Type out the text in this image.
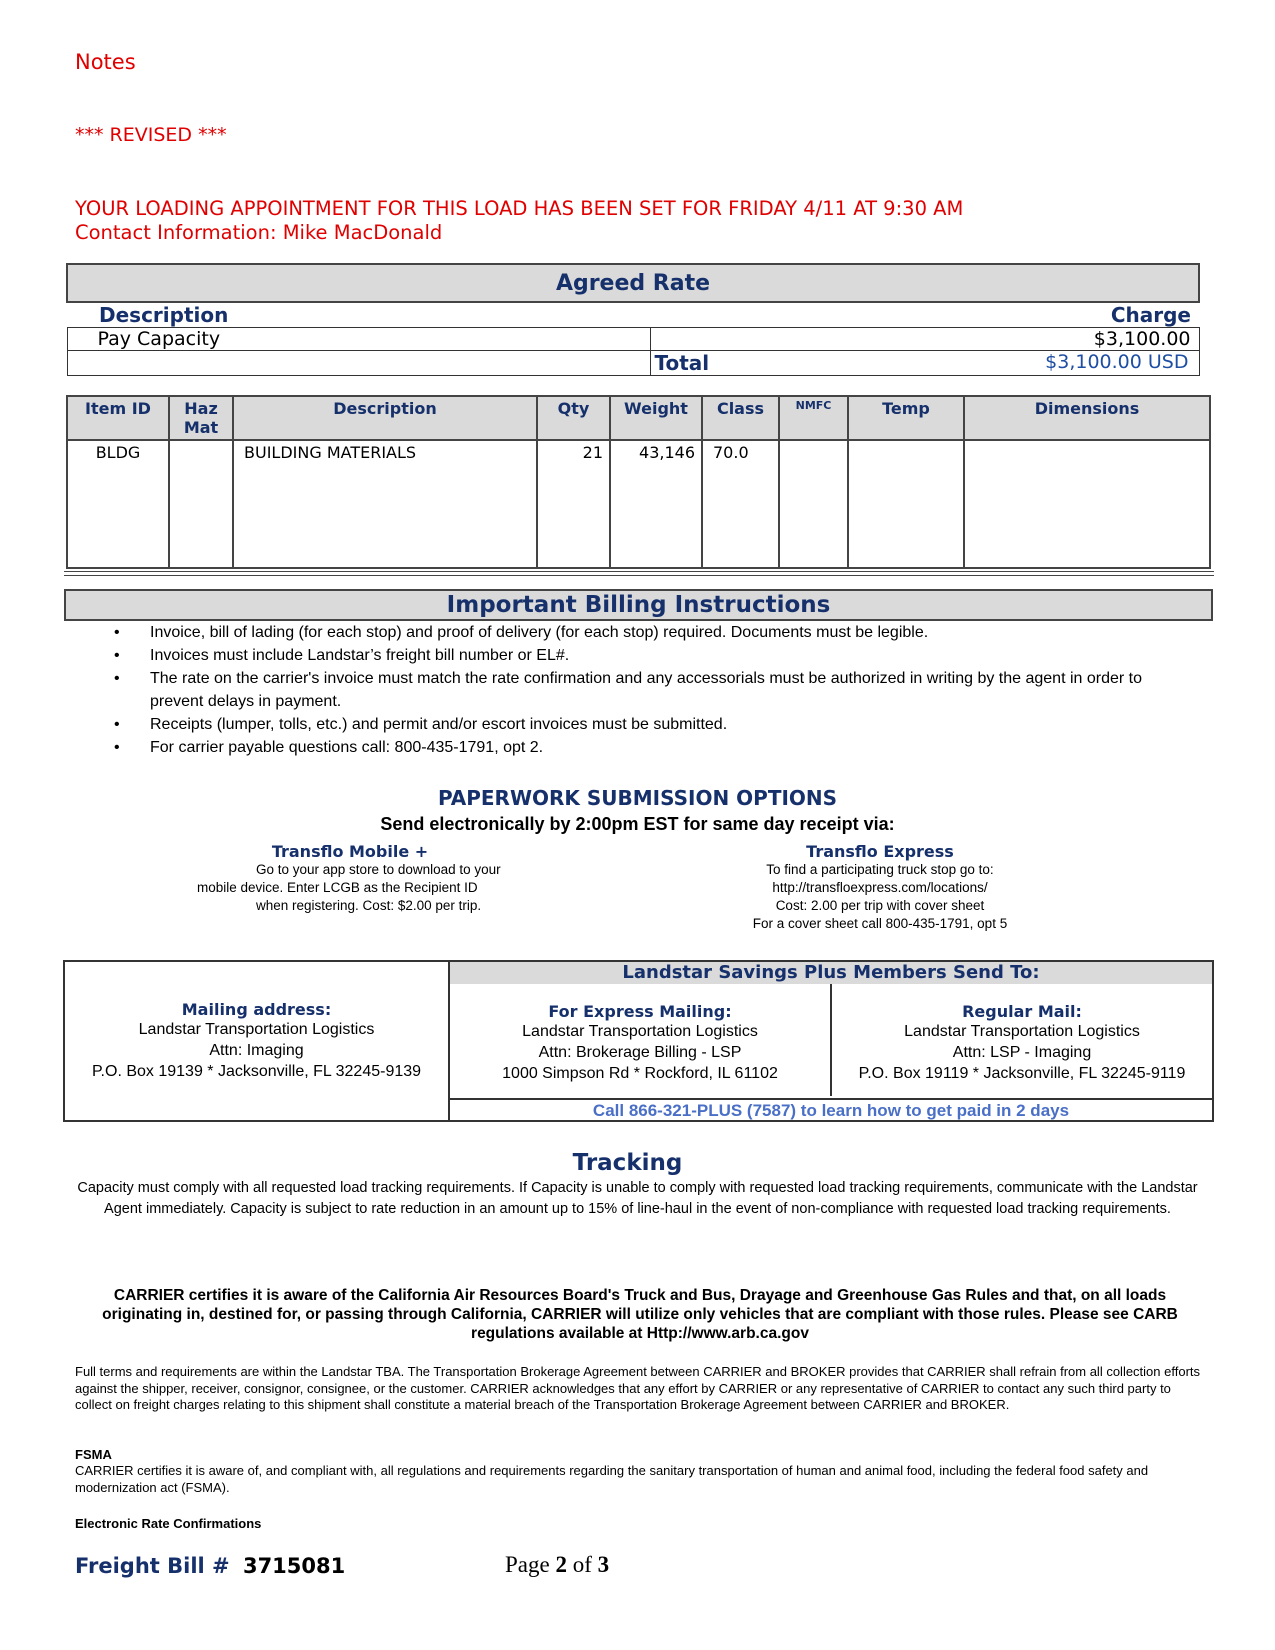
Notes
*** REVISED ***
YOUR LOADING APPOINTMENT FOR THIS LOAD HAS BEEN SET FOR FRIDAY 4/11 AT 9:30 AM
Contact Information: Mike MacDonald
Agreed Rate	
Description	Charge
Pay Capacity	$3,100.00

	Total $3,100.00 USD
Item ID	Haz Mat	Description	Qty	Weight	Class	NMFC	Temp	Dimensions
BLDG		BUILDING MATERIALS	21	43,146	70.0			
Important Billing Instructions
• Invoice, bill of lading (for each stop) and proof of delivery (for each stop) required. Documents must be legible.
• Invoices must include Landstar’s freight bill number or EL#.
• The rate on the carrier's invoice must match the rate confirmation and any accessorials must be authorized in writing by the agent in order to prevent delays in payment.
• Receipts (lumper, tolls, etc.) and permit and/or escort invoices must be submitted.
• For carrier payable questions call: 800-435-1791, opt 2.
PAPERWORK SUBMISSION OPTIONS
Send electronically by 2:00pm EST for same day receipt via:
Transflo Mobile +
Go to your app store to download to your
mobile device. Enter LCGB as the Recipient ID
when registering. Cost: $2.00 per trip.
Transflo Express
To find a participating truck stop go to:
http://transfloexpress.com/locations/
Cost: 2.00 per trip with cover sheet
For a cover sheet call 800-435-1791, opt 5
Mailing address:
Landstar Transportation Logistics
Attn: Imaging
P.O. Box 19139 * Jacksonville, FL 32245-9139
Landstar Savings Plus Members Send To:
For Express Mailing:
Landstar Transportation Logistics
Attn: Brokerage Billing - LSP
1000 Simpson Rd * Rockford, IL 61102
Regular Mail:
Landstar Transportation Logistics
Attn: LSP - Imaging
P.O. Box 19119 * Jacksonville, FL 32245-9119
Call 866-321-PLUS (7587) to learn how to get paid in 2 days
Tracking
Capacity must comply with all requested load tracking requirements. If Capacity is unable to comply with requested load tracking requirements, communicate with the Landstar Agent immediately. Capacity is subject to rate reduction in an amount up to 15% of line-haul in the event of non-compliance with requested load tracking requirements.
CARRIER certifies it is aware of the California Air Resources Board's Truck and Bus, Drayage and Greenhouse Gas Rules and that, on all loads originating in, destined for, or passing through California, CARRIER will utilize only vehicles that are compliant with those rules. Please see CARB regulations available at Http://www.arb.ca.gov
Full terms and requirements are within the Landstar TBA. The Transportation Brokerage Agreement between CARRIER and BROKER provides that CARRIER shall refrain from all collection efforts against the shipper, receiver, consignor, consignee, or the customer. CARRIER acknowledges that any effort by CARRIER or any representative of CARRIER to contact any such third party to collect on freight charges relating to this shipment shall constitute a material breach of the Transportation Brokerage Agreement between CARRIER and BROKER.
FSMA
CARRIER certifies it is aware of, and compliant with, all regulations and requirements regarding the sanitary transportation of human and animal food, including the federal food safety and modernization act (FSMA).
Electronic Rate Confirmations
Freight Bill # 3715081	Page 2 of 3
